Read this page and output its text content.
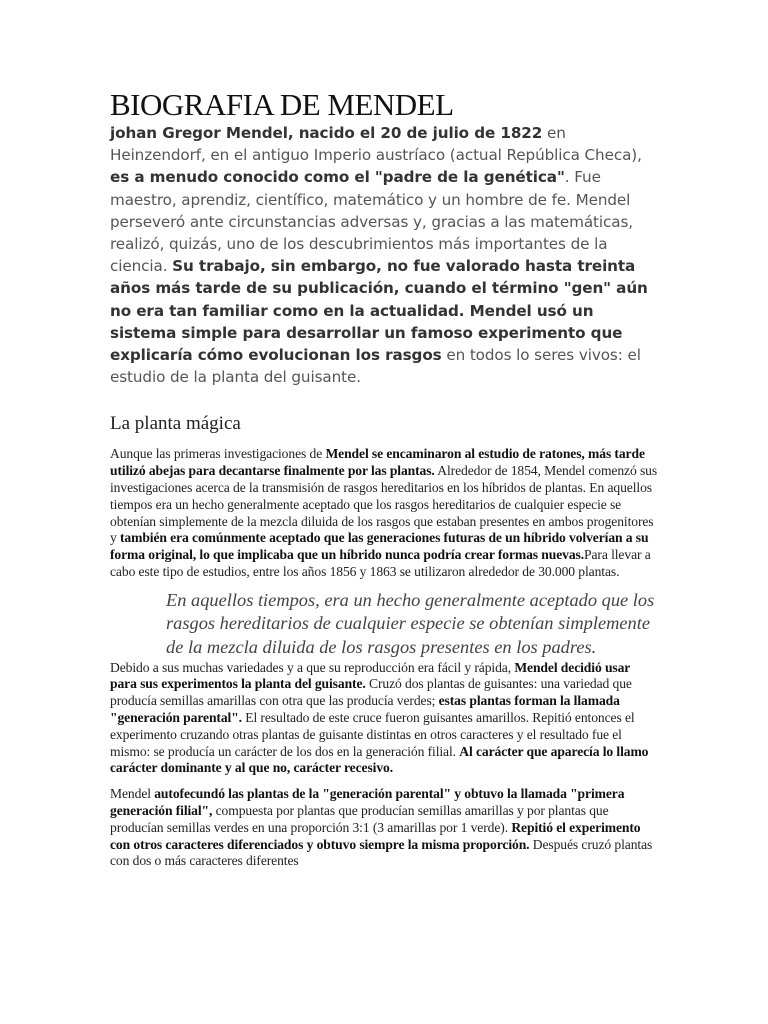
BIOGRAFIA DE MENDEL

johan Gregor Mendel, nacido el 20 de julio de 1822 en Heinzendorf, en el antiguo Imperio austríaco (actual República Checa), es a menudo conocido como el "padre de la genética". Fue maestro, aprendiz, científico, matemático y un hombre de fe. Mendel perseveró ante circunstancias adversas y, gracias a las matemáticas, realizó, quizás, uno de los descubrimientos más importantes de la ciencia. Su trabajo, sin embargo, no fue valorado hasta treinta años más tarde de su publicación, cuando el término "gen" aún no era tan familiar como en la actualidad. Mendel usó un sistema simple para desarrollar un famoso experimento que explicaría cómo evolucionan los rasgos en todos lo seres vivos: el estudio de la planta del guisante.

La planta mágica

Aunque las primeras investigaciones de Mendel se encaminaron al estudio de ratones, más tarde utilizó abejas para decantarse finalmente por las plantas. Alrededor de 1854, Mendel comenzó sus investigaciones acerca de la transmisión de rasgos hereditarios en los híbridos de plantas. En aquellos tiempos era un hecho generalmente aceptado que los rasgos hereditarios de cualquier especie se obtenían simplemente de la mezcla diluida de los rasgos que estaban presentes en ambos progenitores y también era comúnmente aceptado que las generaciones futuras de un híbrido volverían a su forma original, lo que implicaba que un híbrido nunca podría crear formas nuevas.Para llevar a cabo este tipo de estudios, entre los años 1856 y 1863 se utilizaron alrededor de 30.000 plantas.

En aquellos tiempos, era un hecho generalmente aceptado que los rasgos hereditarios de cualquier especie se obtenían simplemente de la mezcla diluida de los rasgos presentes en los padres.

Debido a sus muchas variedades y a que su reproducción era fácil y rápida, Mendel decidió usar para sus experimentos la planta del guisante. Cruzó dos plantas de guisantes: una variedad que producía semillas amarillas con otra que las producía verdes; estas plantas forman la llamada "generación parental". El resultado de este cruce fueron guisantes amarillos. Repitió entonces el experimento cruzando otras plantas de guisante distintas en otros caracteres y el resultado fue el mismo: se producía un carácter de los dos en la generación filial. Al carácter que aparecía lo llamo carácter dominante y al que no, carácter recesivo.

Mendel autofecundó las plantas de la "generación parental" y obtuvo la llamada "primera generación filial", compuesta por plantas que producían semillas amarillas y por plantas que producían semillas verdes en una proporción 3:1 (3 amarillas por 1 verde). Repitió el experimento con otros caracteres diferenciados y obtuvo siempre la misma proporción. Después cruzó plantas con dos o más caracteres diferentes
